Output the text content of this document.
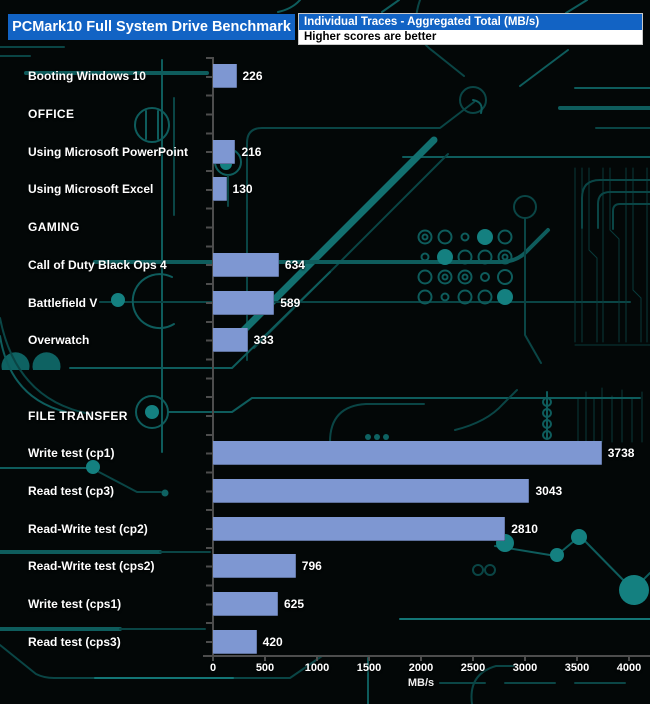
PCMark10 Full System Drive Benchmark	Individual Traces - Aggregated Total (MB/s)
Higher scores are better
MB/s
Booting Windows 10	226
OFFICE
Using Microsoft PowerPoint	216
Using Microsoft Excel	130
GAMING
Call of Duty Black Ops 4	634
Battlefield V	589
Overwatch	333
FILE TRANSFER
Write test (cp1)	3738
Read test (cp3)	3043
Read-Write test (cp2)	2810
Read-Write test (cps2)	796
Write test (cps1)	625
Read test (cps3)	420
0	500	1000	1500	2000	2500	3000	3500	4000
